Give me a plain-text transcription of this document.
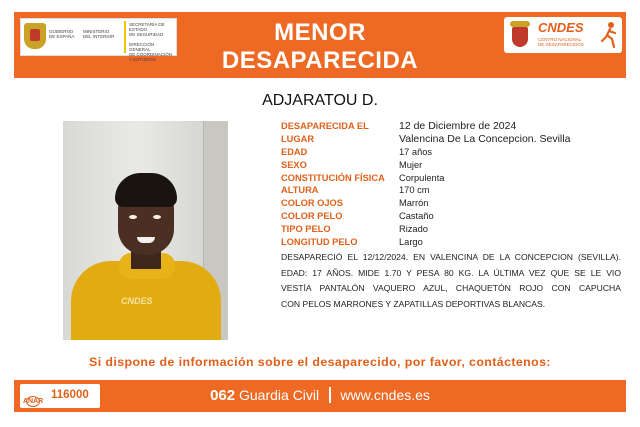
GOBIERNO
DE ESPAÑA
MINISTERIO
DEL INTERIOR
SECRETARÍA DE ESTADO
DE SEGURIDAD
DIRECCIÓN GENERAL
DE COORDINACIÓN
Y ESTUDIOS
MENOR
DESAPARECIDA
CNDES
CENTRO NACIONAL
DE DESAPARECIDOS
ADJARATOU D.
CNDES
DESAPARECIDA EL	12 de Diciembre de 2024
LUGAR	Valencina De La Concepcion. Sevilla
EDAD	17 años
SEXO	Mujer
CONSTITUCIÓN FÍSICA Corpulenta
ALTURA	170 cm
COLOR OJOS	Marrón
COLOR PELO	Castaño
TIPO PELO	Rizado
LONGITUD PELO	Largo
DESAPARECIÓ EL 12/12/2024. EN VALENCINA DE LA CONCEPCION (SEVILLA).
EDAD: 17 AÑOS. MIDE 1.70 Y PESA 80 KG. LA ÚLTIMA VEZ QUE SE LE VIO
VESTÍA PANTALÓN VAQUERO AZUL, CHAQUETÓN ROJO CON CAPUCHA
CON PELOS MARRONES Y ZAPATILLAS DEPORTIVAS BLANCAS.
Si dispone de información sobre el desaparecido, por favor, contáctenos:
ANAR
116000	062 Guardia Civil www.cndes.es
